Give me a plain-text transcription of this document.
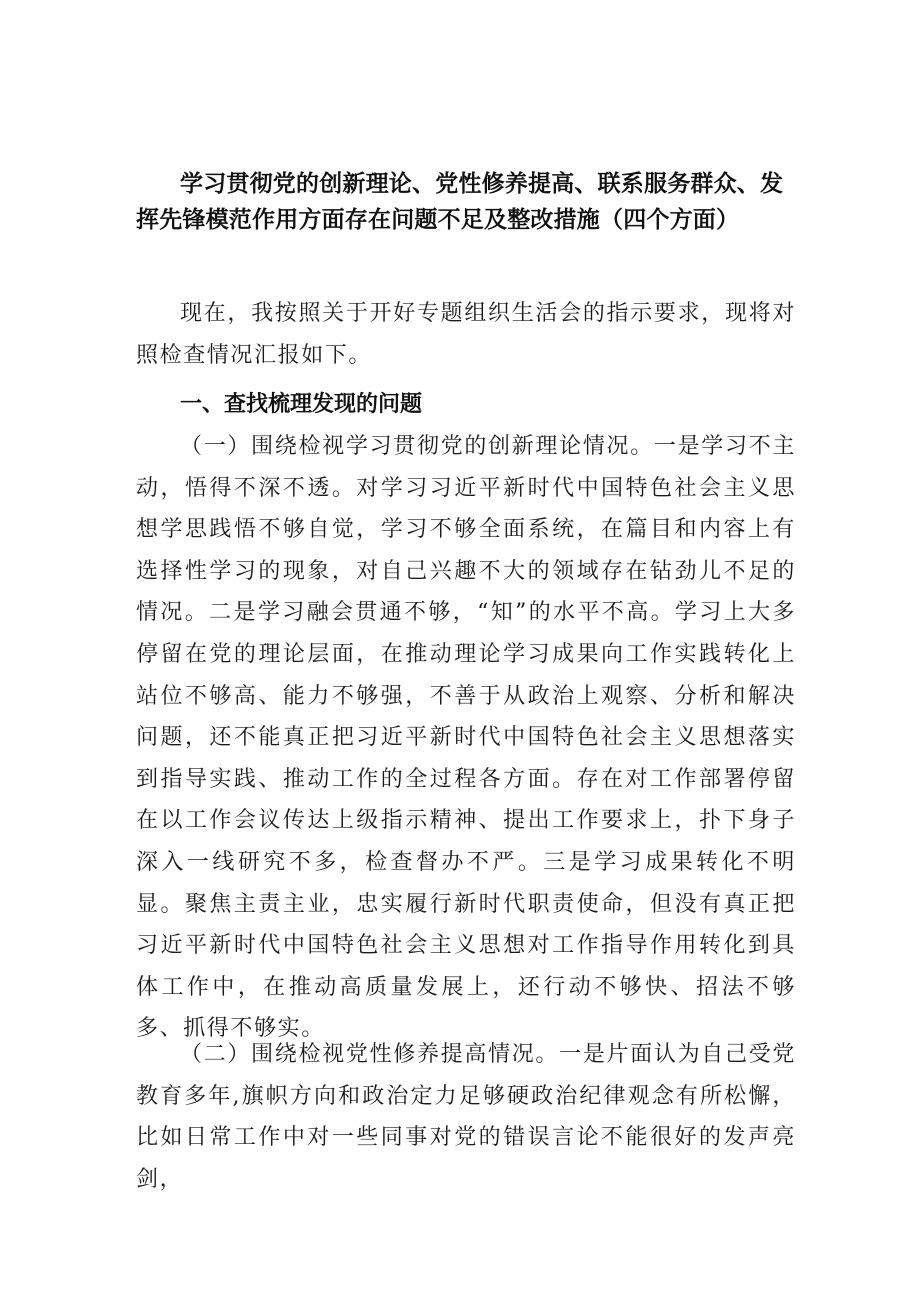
学习贯彻党的创新理论、党性修养提高、联系服务群众、发挥先锋模范作用方面存在问题不足及整改措施（四个方面）

现在，我按照关于开好专题组织生活会的指示要求，现将对照检查情况汇报如下。

一、查找梳理发现的问题

（一）围绕检视学习贯彻党的创新理论情况。一是学习不主动，悟得不深不透。对学习习近平新时代中国特色社会主义思想学思践悟不够自觉，学习不够全面系统，在篇目和内容上有选择性学习的现象，对自己兴趣不大的领域存在钻劲儿不足的情况。二是学习融会贯通不够，“知”的水平不高。学习上大多停留在党的理论层面，在推动理论学习成果向工作实践转化上站位不够高、能力不够强，不善于从政治上观察、分析和解决问题，还不能真正把习近平新时代中国特色社会主义思想落实到指导实践、推动工作的全过程各方面。存在对工作部署停留在以工作会议传达上级指示精神、提出工作要求上，扑下身子深入一线研究不多，检查督办不严。三是学习成果转化不明显。聚焦主责主业，忠实履行新时代职责使命，但没有真正把习近平新时代中国特色社会主义思想对工作指导作用转化到具体工作中，在推动高质量发展上，还行动不够快、招法不够多、抓得不够实。

（二）围绕检视党性修养提高情况。一是片面认为自己受党教育多年,旗帜方向和政治定力足够硬政治纪律观念有所松懈，比如日常工作中对一些同事对党的错误言论不能很好的发声亮剑，
